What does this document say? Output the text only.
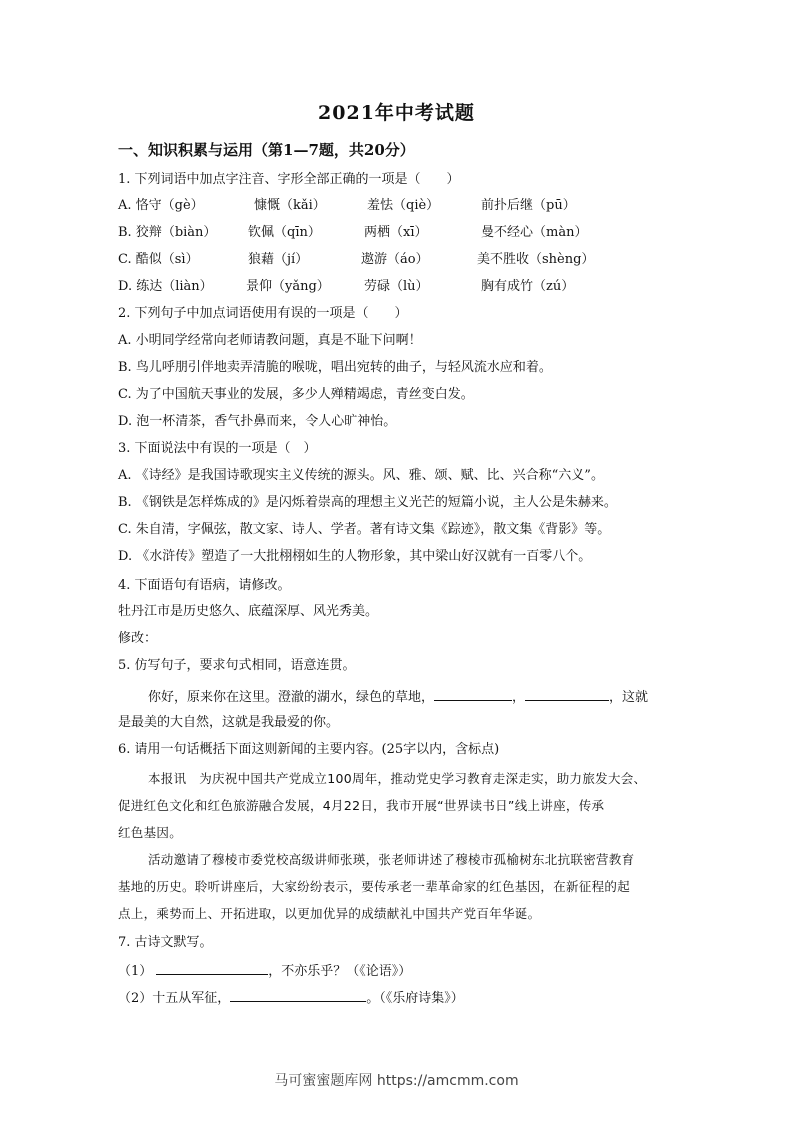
2021年中考试题
一、知识积累与运用（第1—7题，共20分）
1. 下列词语中加点字注音、字形全部正确的一项是（　　）
A. 恪守（gè）	慷慨（kǎi）	羞怯（qiè）	前扑后继（pū）
B. 狡辩（biàn） 钦佩（qīn）	两栖（xī）	曼不经心（màn）
C. 酷似（sì）	狼藉（jí）	遨游（áo）	美不胜收（shèng）
D. 练达（liàn）	景仰（yǎng）	劳碌（lù）	胸有成竹（zú）
2. 下列句子中加点词语使用有误的一项是（　　）
A. 小明同学经常向老师请教问题，真是不耻下问啊！
B. 鸟儿呼朋引伴地卖弄清脆的喉咙，唱出宛转的曲子，与轻风流水应和着。
C. 为了中国航天事业的发展，多少人殚精竭虑，青丝变白发。
D. 泡一杯清茶，香气扑鼻而来，令人心旷神怡。
3. 下面说法中有误的一项是（　）
A. 《诗经》是我国诗歌现实主义传统的源头。风、雅、颂、赋、比、兴合称“六义”。
B. 《钢铁是怎样炼成的》是闪烁着崇高的理想主义光芒的短篇小说，主人公是朱赫来。
C. 朱自清，字佩弦，散文家、诗人、学者。著有诗文集《踪迹》，散文集《背影》等。
D. 《水浒传》塑造了一大批栩栩如生的人物形象，其中梁山好汉就有一百零八个。
4. 下面语句有语病，请修改。
牡丹江市是历史悠久、底蕴深厚、风光秀美。
修改：
5. 仿写句子，要求句式相同，语意连贯。
你好，原来你在这里。澄澈的湖水，绿色的草地，	，	，这就
是最美的大自然，这就是我最爱的你。
6. 请用一句话概括下面这则新闻的主要内容。(25字以内，含标点)
本报讯　为庆祝中国共产党成立100周年，推动党史学习教育走深走实，助力旅发大会、
促进红色文化和红色旅游融合发展，4月22日，我市开展“世界读书日”线上讲座，传承
红色基因。
活动邀请了穆棱市委党校高级讲师张瑛，张老师讲述了穆棱市孤榆树东北抗联密营教育
基地的历史。聆听讲座后，大家纷纷表示，要传承老一辈革命家的红色基因，在新征程的起
点上，乘势而上、开拓进取，以更加优异的成绩献礼中国共产党百年华诞。
7. 古诗文默写。
（1）	，不亦乐乎？（《论语》）
（2）十五从军征，	。（《乐府诗集》）
马可蜜蜜题库网 https://amcmm.com
